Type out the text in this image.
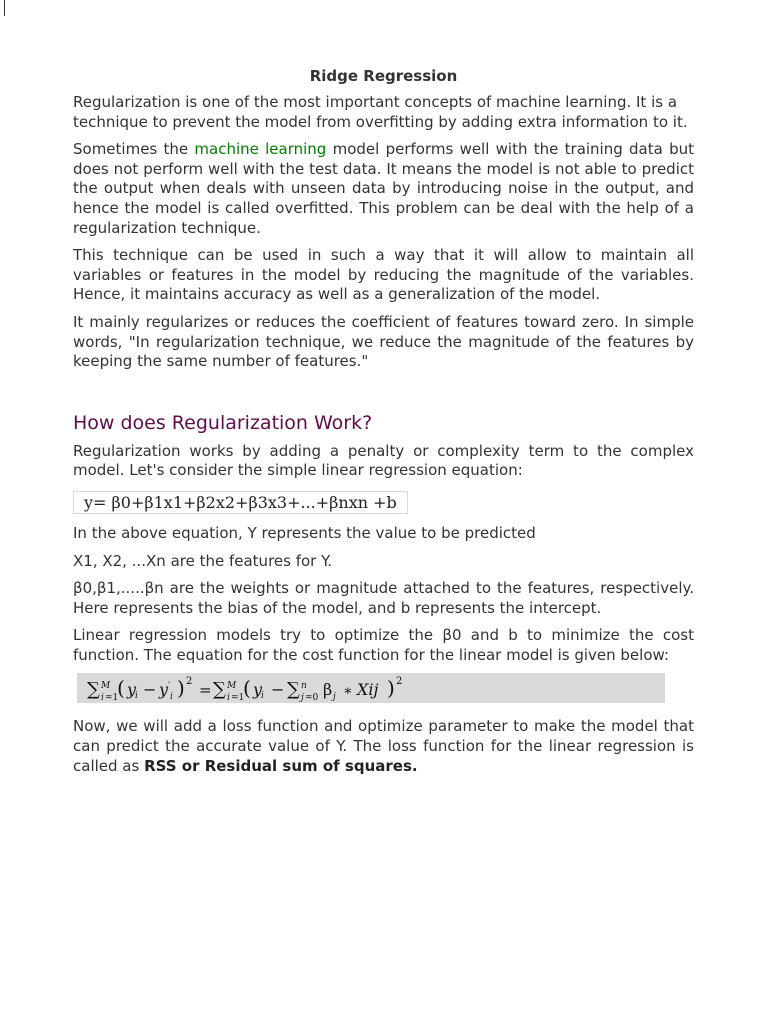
Ridge Regression

Regularization is one of the most important concepts of machine learning. It is a technique to prevent the model from overfitting by adding extra information to it.

Sometimes the machine learning model performs well with the training data but does not perform well with the test data. It means the model is not able to predict the output when deals with unseen data by introducing noise in the output, and hence the model is called overfitted. This problem can be deal with the help of a regularization technique.

This technique can be used in such a way that it will allow to maintain all variables or features in the model by reducing the magnitude of the variables. Hence, it maintains accuracy as well as a generalization of the model.

It mainly regularizes or reduces the coefficient of features toward zero. In simple words, "In regularization technique, we reduce the magnitude of the features by keeping the same number of features."

How does Regularization Work?

Regularization works by adding a penalty or complexity term to the complex model. Let's consider the simple linear regression equation:

y= β0+β1x1+β2x2+β3x3+...+βnxn +b

In the above equation, Y represents the value to be predicted

X1, X2, ...Xn are the features for Y.

β0,β1,.....βn are the weights or magnitude attached to the features, respectively. Here represents the bias of the model, and b represents the intercept.

Linear regression models try to optimize the β0 and b to minimize the cost function. The equation for the cost function for the linear model is given below:

∑ M
i =1
( y
i − y ′
i ) 2 = ∑ M
i =1
( y
i − ∑ n
j =0 β j ∗ Xij ) 2

Now, we will add a loss function and optimize parameter to make the model that can predict the accurate value of Y. The loss function for the linear regression is called as RSS or Residual sum of squares.
